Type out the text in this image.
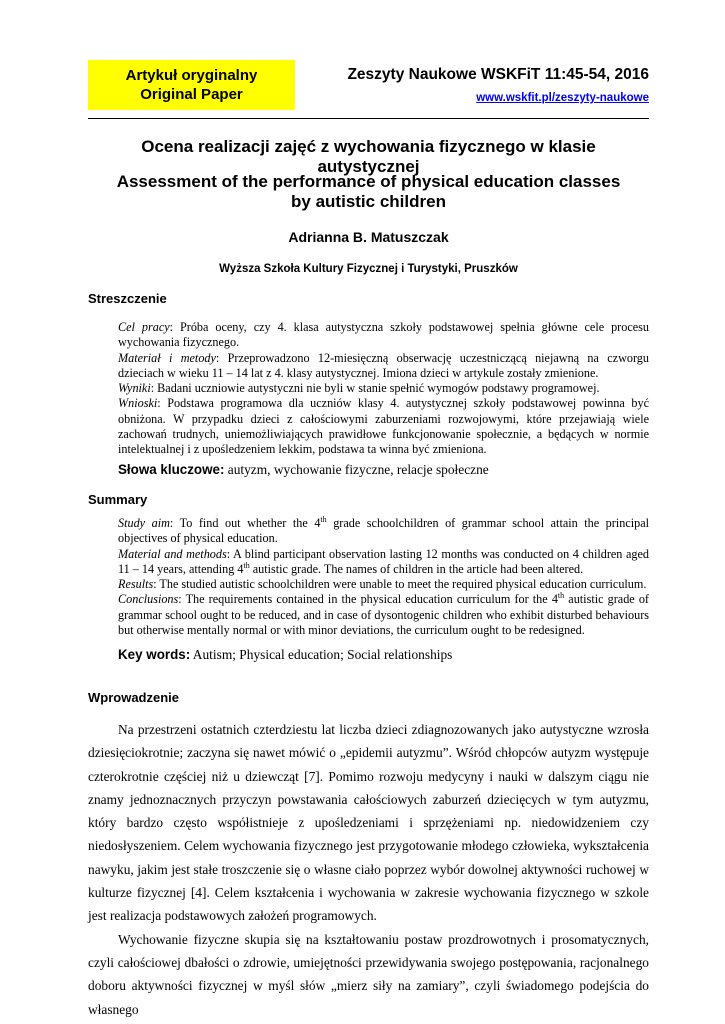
Artykuł oryginalny
Original Paper
Zeszyty Naukowe WSKFiT 11:45-54, 2016
www.wskfit.pl/zeszyty-naukowe
Ocena realizacji zajęć z wychowania fizycznego w klasie autystycznej
Assessment of the performance of physical education classes
by autistic children
Adrianna B. Matuszczak
Wyższa Szkoła Kultury Fizycznej i Turystyki, Pruszków
Streszczenie

Cel pracy: Próba oceny, czy 4. klasa autystyczna szkoły podstawowej spełnia główne cele procesu wychowania fizycznego.

Materiał i metody: Przeprowadzono 12-miesięczną obserwację uczestniczącą niejawną na czworgu dzieciach w wieku 11 – 14 lat z 4. klasy autystycznej. Imiona dzieci w artykule zostały zmienione.

Wyniki: Badani uczniowie autystyczni nie byli w stanie spełnić wymogów podstawy programowej.

Wnioski: Podstawa programowa dla uczniów klasy 4. autystycznej szkoły podstawowej powinna być obniżona. W przypadku dzieci z całościowymi zaburzeniami rozwojowymi, które przejawiają wiele zachowań trudnych, uniemożliwiających prawidłowe funkcjonowanie społecznie, a będących w normie intelektualnej i z upośledzeniem lekkim, podstawa ta winna być zmieniona.

Słowa kluczowe: autyzm, wychowanie fizyczne, relacje społeczne
Summary

Study aim: To find out whether the 4th grade schoolchildren of grammar school attain the principal objectives of physical education.

Material and methods: A blind participant observation lasting 12 months was conducted on 4 children aged 11 – 14 years, attending 4th autistic grade. The names of children in the article had been altered.

Results: The studied autistic schoolchildren were unable to meet the required physical education curriculum.

Conclusions: The requirements contained in the physical education curriculum for the 4th autistic grade of grammar school ought to be reduced, and in case of dysontogenic children who exhibit disturbed behaviours but otherwise mentally normal or with minor deviations, the curriculum ought to be redesigned.

Key words: Autism; Physical education; Social relationships
Wprowadzenie

Na przestrzeni ostatnich czterdziestu lat liczba dzieci zdiagnozowanych jako autystyczne wzrosła dziesięciokrotnie; zaczyna się nawet mówić o „epidemii autyzmu”. Wśród chłopców autyzm występuje czterokrotnie częściej niż u dziewcząt [7]. Pomimo rozwoju medycyny i nauki w dalszym ciągu nie znamy jednoznacznych przyczyn powstawania całościowych zaburzeń dziecięcych w tym autyzmu, który bardzo często współistnieje z upośledzeniami i sprzężeniami np. niedowidzeniem czy niedosłyszeniem. Celem wychowania fizycznego jest przygotowanie młodego człowieka, wykształcenia nawyku, jakim jest stałe troszczenie się o własne ciało poprzez wybór dowolnej aktywności ruchowej w kulturze fizycznej [4]. Celem kształcenia i wychowania w zakresie wychowania fizycznego w szkole jest realizacja podstawowych założeń programowych.

Wychowanie fizyczne skupia się na kształtowaniu postaw prozdrowotnych i prosomatycznych, czyli całościowej dbałości o zdrowie, umiejętności przewidywania swojego postępowania, racjonalnego doboru aktywności fizycznej w myśl słów „mierz siły na zamiary”, czyli świadomego podejścia do własnego
